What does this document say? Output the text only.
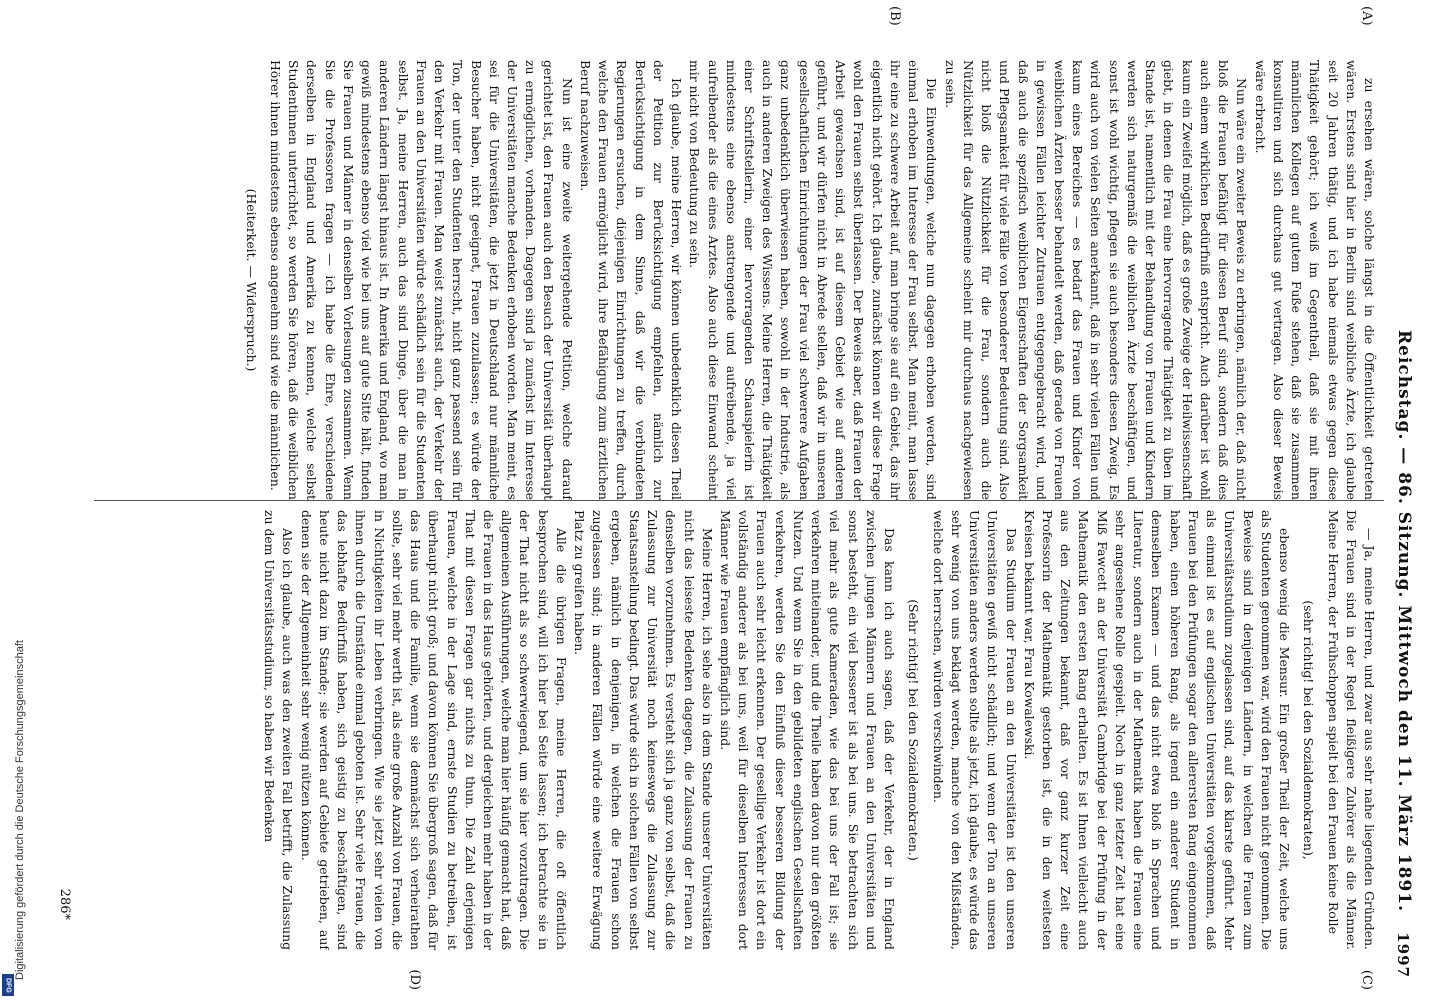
Reichstag. — 86. Sitzung. Mittwoch den 11. März 1891.
1997
(A)
(B)
(C)
(D)

zu ersehen wären, solche längst in die Öffentlichkeit getreten wären. Erstens sind hier in Berlin sind weibliche Ärzte, ich glaube seit 20 Jahren thätig, und ich habe niemals etwas gegen diese Thätigkeit gehört; ich weiß im Gegentheil, daß sie mit ihren männlichen Kollegen auf gutem Fuße stehen, daß sie zusammen konsultiren und sich durchaus gut vertragen. Also dieser Beweis wäre erbracht.

Nun wäre ein zweiter Beweis zu erbringen, nämlich der, daß nicht bloß die Frauen befähigt für diesen Beruf sind, sondern daß dies auch einem wirklichen Bedürfniß entspricht. Auch darüber ist wohl kaum ein Zweifel möglich, daß es große Zweige der Heilwissenschaft giebt, in denen die Frau eine hervorragende Thätigkeit zu üben im Stande ist, namentlich mit der Behandlung von Frauen und Kindern werden sich naturgemäß die weiblichen Ärzte beschäftigen, und sonst ist wohl wichtig, pflegen sie auch besonders diesen Zweig. Es wird auch von vielen Seiten anerkannt, daß in sehr vielen Fällen und kaum eines Bereiches — es bedarf das Frauen und Kinder von weiblichen Ärzten besser behandelt werden, daß gerade von Frauen in gewissen Fällen leichter Zutrauen entgegengebracht wird, und daß auch die spezifisch weiblichen Eigenschaften der Sorgsamkeit und Pflegsamkeit für viele Fälle von besonderer Bedeutung sind. Also nicht bloß die Nützlichkeit für die Frau, sondern auch die Nützlichkeit für das Allgemeine scheint mir durchaus nachgewiesen zu sein.

Die Einwendungen, welche nun dagegen erhoben werden, sind einmal erhoben im Interesse der Frau selbst. Man meint, man lasse ihr eine zu schwere Arbeit auf, man bringe sie auf ein Gebiet, das ihr eigentlich nicht gehört. Ich glaube, zunächst können wir diese Frage wohl den Frauen selbst überlassen. Der Beweis aber, daß Frauen der Arbeit gewachsen sind, ist auf diesem Gebiet wie auf anderen geführt, und wir dürfen nicht in Abrede stellen, daß wir in unseren gesellschaftlichen Einrichtungen der Frau viel schwerere Aufgaben ganz unbedenklich überwiesen haben, sowohl in der Industrie, als auch in anderen Zweigen des Wissens. Meine Herren, die Thätigkeit einer Schriftstellerin, einer hervorragenden Schauspielerin ist mindestens eine ebenso anstrengende und aufreibende, ja viel aufreibender als die eines Arztes. Also auch diese Einwand scheint mir nicht von Bedeutung zu sein.

Ich glaube, meine Herren, wir können unbedenklich diesen Theil der Petition zur Berücksichtigung empfehlen, nämlich zur Berücksichtigung in dem Sinne, daß wir die verbündeten Regierungen ersuchen, diejenigen Einrichtungen zu treffen, durch welche den Frauen ermöglicht wird, ihre Befähigung zum ärztlichen Beruf nachzuweisen.

Nun ist eine zweite weitergehende Petition, welche darauf gerichtet ist, den Frauen auch den Besuch der Universität überhaupt zu ermöglichen, vorhanden. Dagegen sind ja zunächst im Interesse der Universitäten manche Bedenken erhoben worden. Man meint, es sei für die Universitäten, die jetzt in Deutschland nur männliche Besucher haben, nicht geeignet, Frauen zuzulassen; es würde der Ton, der unter den Studenten herrscht, nicht ganz passend sein für den Verkehr mit Frauen. Man weist zunächst auch, der Verkehr der Frauen an den Universitäten würde schädlich sein für die Studenten selbst. Ja, meine Herren, auch das sind Dinge, über die man in anderen Ländern längst hinaus ist. In Amerika und England, wo man gewiß mindestens ebenso viel wie bei uns auf gute Sitte hält, finden Sie Frauen und Männer in denselben Vorlesungen zusammen. Wenn Sie die Professoren fragen — ich habe die Ehre, verschiedene derselben in England und Amerika zu kennen, welche selbst Studentinnen unterrichtet, so werden Sie hören, daß die weiblichen Hörer ihnen mindestens ebenso angenehm sind wie die männlichen.

(Heiterkeit. — Widerspruch.)

— Ja, meine Herren, und zwar aus sehr nahe liegenden Gründen. Die Frauen sind in der Regel fleißigere Zuhörer als die Männer. Meine Herren, der Frühschoppen spielt bei den Frauen keine Rolle

(sehr richtig! bei den Sozialdemokraten),

ebenso wenig die Mensur. Ein großer Theil der Zeit, welche uns als Studenten genommen war, wird den Frauen nicht genommen. Die Beweise sind in denjenigen Ländern, in welchen die Frauen zum Universitätsstudium zugelassen sind, auf das klarste geführt. Mehr als einmal ist es auf englischen Universitäten vorgekommen, daß Frauen bei den Prüfungen sogar den allerersten Rang eingenommen haben, einen höheren Rang, als irgend ein anderer Student in demselben Examen — und das nicht etwa bloß in Sprachen und Literatur, sondern auch in der Mathematik haben die Frauen eine sehr angesehene Rolle gespielt. Noch in ganz letzter Zeit hat eine Miß Fawcett an der Universität Cambridge bei der Prüfung in der Mathematik den ersten Rang erhalten. Es ist Ihnen vielleicht auch aus den Zeitungen bekannt, daß vor ganz kurzer Zeit eine Professorin der Mathematik gestorben ist, die in den weitesten Kreisen bekannt war, Frau Kowalewski.

Das Studium der Frauen an den Universitäten ist den unseren Universitäten gewiß nicht schädlich; und wenn der Ton an unseren Universitäten anders werden sollte als jetzt, ich glaube, es würde das sehr wenig von uns beklagt werden, manche von den Mißständen, welche dort herrschen, würden verschwinden.

(Sehr richtig! bei den Sozialdemokraten.)

Das kann ich auch sagen, daß der Verkehr, der in England zwischen jungen Männern und Frauen an den Universitäten und sonst besteht, ein viel besserer ist als bei uns. Sie betrachten sich viel mehr als gute Kameraden, wie das bei uns der Fall ist; sie verkehren miteinander, und die Theile haben davon nur den größten Nutzen. Und wenn Sie in den gebildeten englischen Gesellschaften verkehren, werden Sie den Einfluß dieser besseren Bildung der Frauen auch sehr leicht erkennen. Der gesellige Verkehr ist dort ein vollständig anderer als bei uns, weil für dieselben Interessen dort Männer wie Frauen empfänglich sind.

Meine Herren, ich sehe also in dem Stande unserer Universitäten nicht das leiseste Bedenken dagegen, die Zulassung der Frauen zu denselben vorzunehmen. Es versteht sich ja ganz von selbst, daß die Zulassung zur Universität noch keineswegs die Zulassung zur Staatsanstellung bedingt. Das würde sich in solchen Fällen von selbst ergeben, nämlich in denjenigen, in welchen die Frauen schon zugelassen sind; in anderen Fällen würde eine weitere Erwägung Platz zu greifen haben.

Alle die übrigen Fragen, meine Herren, die oft öffentlich besprochen sind, will ich hier bei Seite lassen; ich betrachte sie in der That nicht als so schwerwiegend, um sie hier vorzutragen. Die allgemeinen Ausführungen, welche man hier häufig gemacht hat, daß die Frauen in das Haus gehörten, und dergleichen mehr haben in der That mit diesen Fragen gar nichts zu thun. Die Zahl derjenigen Frauen, welche in der Lage sind, ernste Studien zu betreiben, ist überhaupt nicht groß; und davon können Sie übergroß sagen, daß für das Haus und die Familie, wenn sie demnächst sich verheirathen sollte, sehr viel mehr werth ist, als eine große Anzahl von Frauen, die in Nichtigkeiten ihr Leben verbringen. Wie sie jetzt sehr vielen von ihnen durch die Umstände einmal geboten ist. Sehr viele Frauen, die das lebhafte Bedürfniß haben, sich geistig zu beschäftigen, sind heute nicht dazu im Stande; sie werden auf Gebiete getrieben, auf denen sie der Allgemeinheit sehr wenig nützen können.

Also ich glaube, auch was den zweiten Fall betrifft, die Zulassung zu dem Universitätsstudium, so haben wir Bedenken

286*
DFG
Digitalisierung gefördert durch die Deutsche Forschungsgemeinschaft
